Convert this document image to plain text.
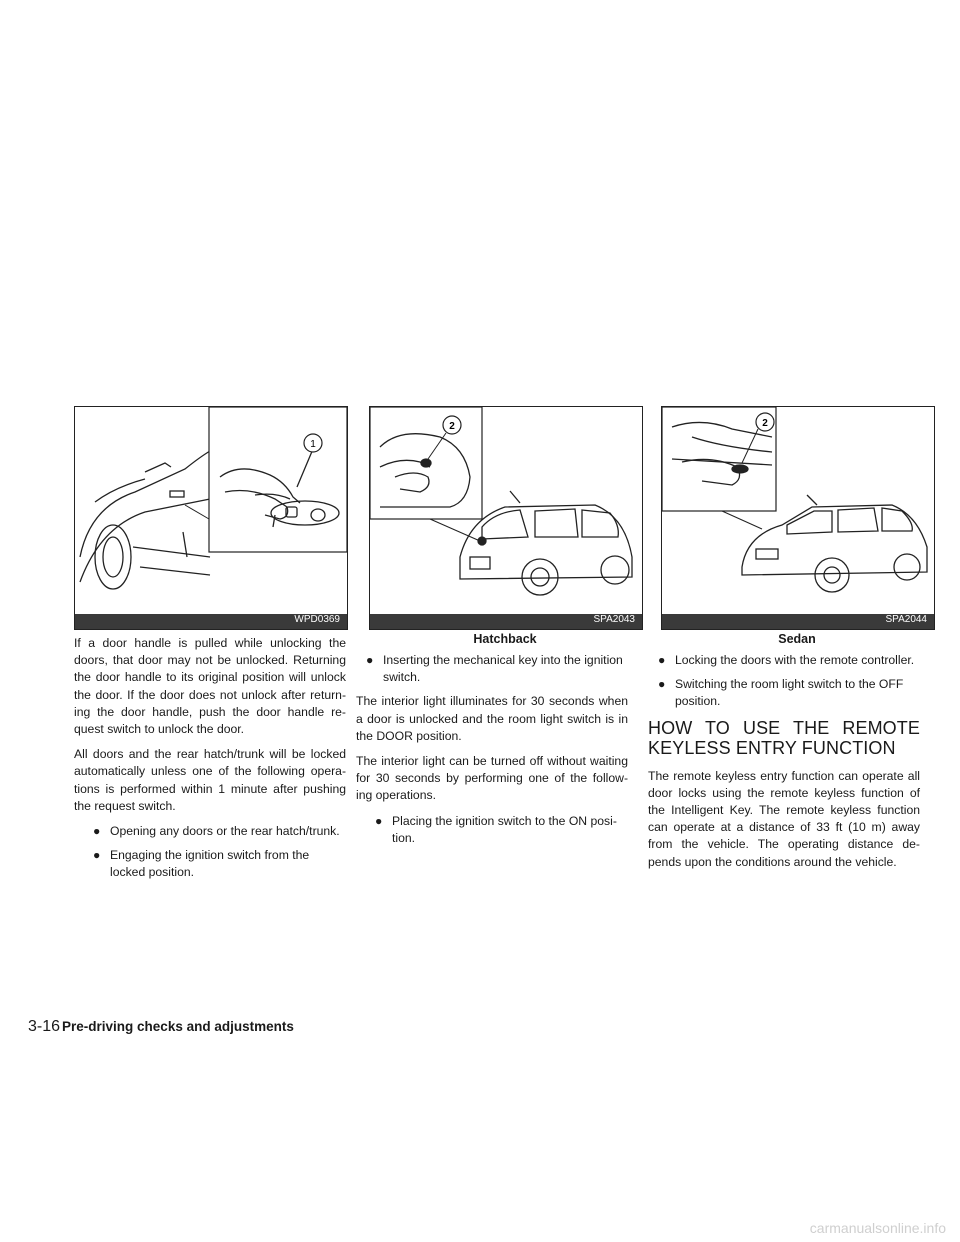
1
WPD0369
2
SPA2043
2
SPA2044
Hatchback	Sedan

If a door handle is pulled while unlocking the doors, that door may not be unlocked. Returning the door handle to its original position will unlock the door. If the door does not unlock after return- ing the door handle, push the door handle re- quest switch to unlock the door.

All doors and the rear hatch/trunk will be locked automatically unless one of the following opera- tions is performed within 1 minute after pushing the request switch.

● Opening any doors or the rear hatch/trunk.
● Engaging the ignition switch from the locked position.
● Inserting the mechanical key into the ignition switch.

The interior light illuminates for 30 seconds when a door is unlocked and the room light switch is in the DOOR position.

The interior light can be turned off without waiting for 30 seconds by performing one of the follow- ing operations.

● Placing the ignition switch to the ON posi- tion.
● Locking the doors with the remote controller.
● Switching the room light switch to the OFF position.
HOW TO USE THE REMOTE KEYLESS ENTRY FUNCTION

The remote keyless entry function can operate all door locks using the remote keyless function of the Intelligent Key. The remote keyless function can operate at a distance of 33 ft (10 m) away from the vehicle. The operating distance de- pends upon the conditions around the vehicle.

3-16 Pre-driving checks and adjustments
carmanualsonline.info
